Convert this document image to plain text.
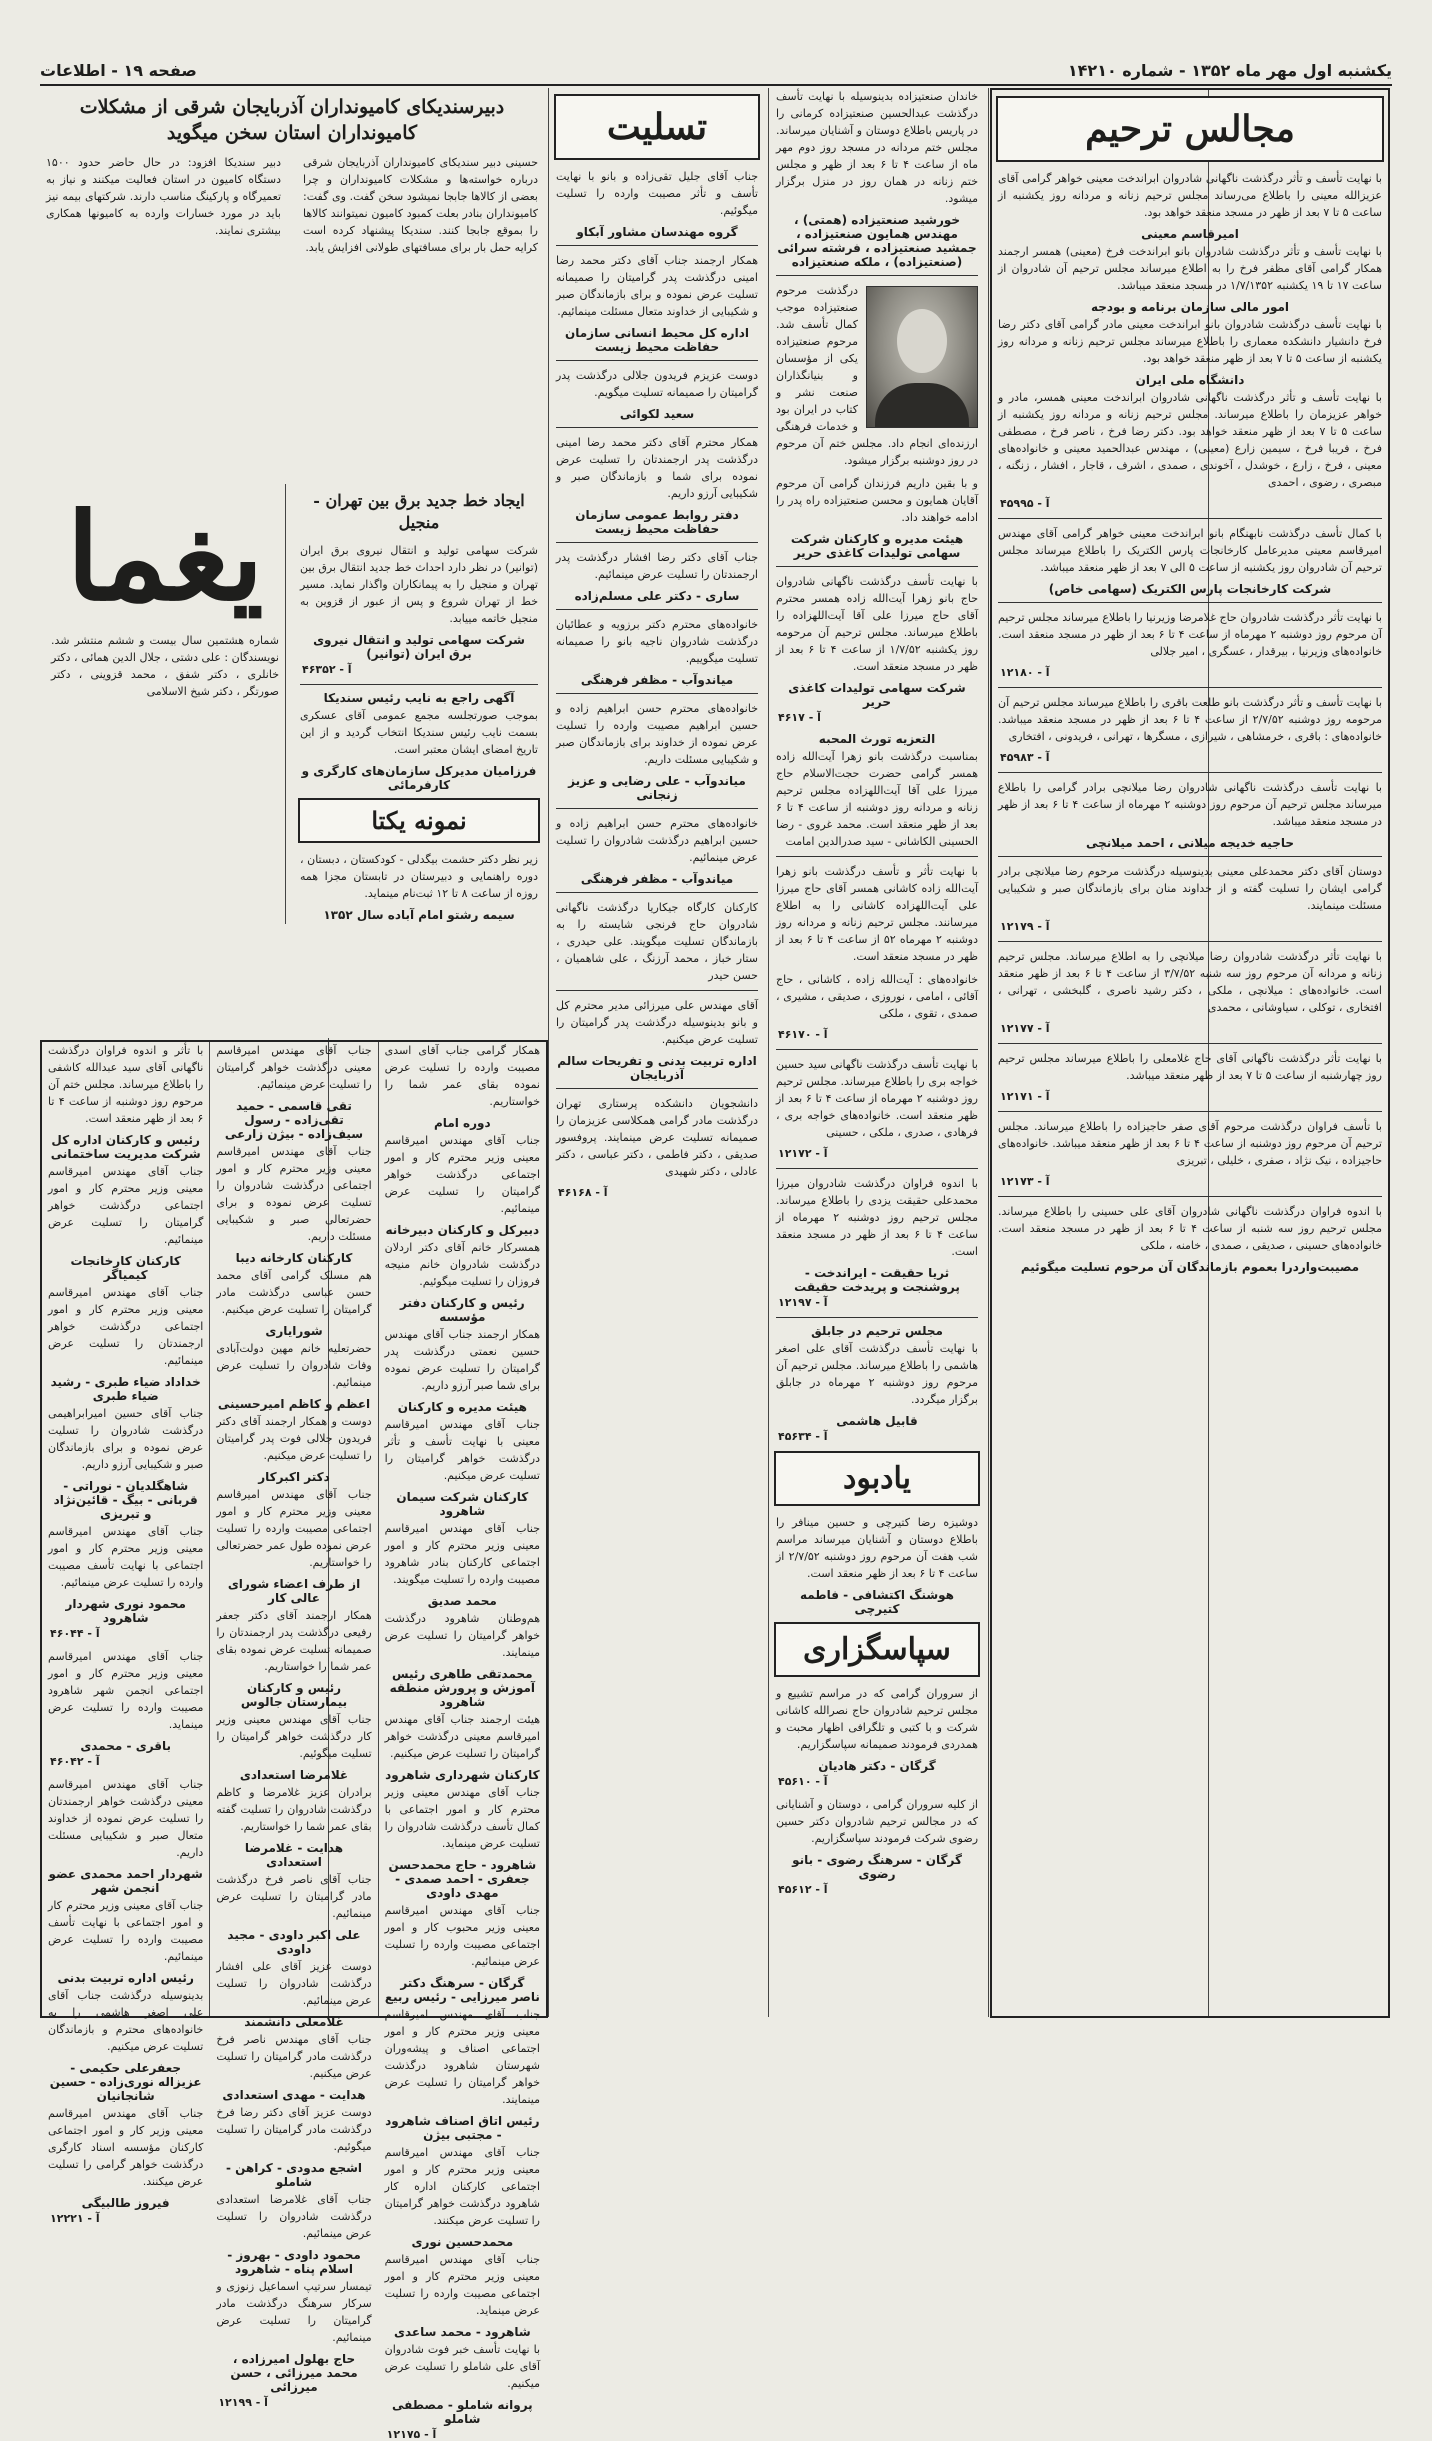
یکشنبه اول مهر ماه ۱۳۵۲ - شماره ۱۴۲۱۰
صفحه ۱۹ - اطلاعات
مجالس ترحیم

با نهایت تأسف و تأثر درگذشت ناگهانی شادروان ابراندخت معینی خواهر گرامی آقای عزیزالله معینی را باطلاع می‌رساند مجلس ترحیم زنانه و مردانه روز یکشنبه از ساعت ۵ تا ۷ بعد از ظهر در مسجد منعقد خواهد بود.

امیرقاسم معینی

با نهایت تأسف و تأثر درگذشت شادروان بانو ابراندخت فرخ (معینی) همسر ارجمند همکار گرامی آقای مظفر فرخ را به اطلاع میرساند مجلس ترحیم آن شادروان از ساعت ۱۷ تا ۱۹ یکشنبه ۱/۷/۱۳۵۲ در مسجد منعقد میباشد.

امور مالی سازمان برنامه و بودجه

با نهایت تأسف درگذشت شادروان بانو ابراندخت معینی مادر گرامی آقای دکتر رضا فرخ دانشیار دانشکده معماری را باطلاع میرساند مجلس ترحیم زنانه و مردانه روز یکشنبه از ساعت ۵ تا ۷ بعد از ظهر منعقد خواهد بود.

دانشگاه ملی ایران

با نهایت تأسف و تأثر درگذشت ناگهانی شادروان ابراندخت معینی همسر، مادر و خواهر عزیزمان را باطلاع میرساند. مجلس ترحیم زنانه و مردانه روز یکشنبه از ساعت ۵ تا ۷ بعد از ظهر منعقد خواهد بود. دکتر رضا فرخ ، ناصر فرخ ، مصطفی فرخ ، فریبا فرخ ، سیمین زارع (معینی) ، مهندس عبدالحمید معینی و خانواده‌های معینی ، فرخ ، زارع ، خوشدل ، آخوندی ، صمدی ، اشرف ، قاجار ، افشار ، زنگنه ، مبصری ، رضوی ، احمدی

آ - ۴۵۹۹۵

با کمال تأسف درگذشت نابهنگام بانو ابراندخت معینی خواهر گرامی آقای مهندس امیرقاسم معینی مدیرعامل کارخانجات پارس الکتریک را باطلاع میرساند مجلس ترحیم آن شادروان روز یکشنبه از ساعت ۵ الی ۷ بعد از ظهر منعقد میباشد.

شرکت کارخانجات پارس الکتریک (سهامی خاص)

با نهایت تأثر درگذشت شادروان حاج غلامرضا وزیرنیا را باطلاع میرساند مجلس ترحیم آن مرحوم روز دوشنبه ۲ مهرماه از ساعت ۴ تا ۶ بعد از ظهر در مسجد منعقد است. خانواده‌های وزیرنیا ، بیرقدار ، عسگری ، امیر جلالی

آ - ۱۲۱۸۰

با نهایت تأسف و تأثر درگذشت بانو طلعت باقری را باطلاع میرساند مجلس ترحیم آن مرحومه روز دوشنبه ۲/۷/۵۲ از ساعت ۴ تا ۶ بعد از ظهر در مسجد منعقد میباشد. خانواده‌های : باقری ، خرمشاهی ، شیرازی ، مسگرها ، تهرانی ، فریدونی ، افتخاری

آ - ۴۵۹۸۳

با نهایت تأسف درگذشت ناگهانی شادروان رضا میلانچی برادر گرامی را باطلاع میرساند مجلس ترحیم آن مرحوم روز دوشنبه ۲ مهرماه از ساعت ۴ تا ۶ بعد از ظهر در مسجد منعقد میباشد.

حاجیه خدیجه میلانی ، احمد میلانچی

دوستان آقای دکتر محمدعلی معینی بدینوسیله درگذشت مرحوم رضا میلانچی برادر گرامی ایشان را تسلیت گفته و از خداوند منان برای بازماندگان صبر و شکیبایی مسئلت مینمایند.

آ - ۱۲۱۷۹

با نهایت تأثر درگذشت شادروان رضا میلانچی را به اطلاع میرساند. مجلس ترحیم زنانه و مردانه آن مرحوم روز سه شنبه ۳/۷/۵۲ از ساعت ۴ تا ۶ بعد از ظهر منعقد است. خانواده‌های : میلانچی ، ملکی ، دکتر رشید ناصری ، گلبخشی ، تهرانی ، افتخاری ، توکلی ، سیاوشانی ، محمدی

آ - ۱۲۱۷۷

با نهایت تأثر درگذشت ناگهانی آقای حاج غلامعلی را باطلاع میرساند مجلس ترحیم روز چهارشنبه از ساعت ۵ تا ۷ بعد از ظهر منعقد میباشد.

آ - ۱۲۱۷۱

با تأسف فراوان درگذشت مرحوم آقای صفر حاجیزاده را باطلاع میرساند. مجلس ترحیم آن مرحوم روز دوشنبه از ساعت ۴ تا ۶ بعد از ظهر منعقد میباشد. خانواده‌های حاجیزاده ، نیک نژاد ، صفری ، خلیلی ، تبریزی

آ - ۱۲۱۷۳

با اندوه فراوان درگذشت ناگهانی شادروان آقای علی حسینی را باطلاع میرساند. مجلس ترحیم روز سه شنبه از ساعت ۴ تا ۶ بعد از ظهر در مسجد منعقد است. خانواده‌های حسینی ، صدیقی ، صمدی ، خامنه ، ملکی

مصیبت‌واردرا بعموم بازماندگان آن مرحوم تسلیت میگوئیم

خاندان صنعتیزاده بدینوسیله با نهایت تأسف درگذشت عبدالحسین صنعتیزاده کرمانی را در پاریس باطلاع دوستان و آشنایان میرساند. مجلس ختم مردانه در مسجد روز دوم مهر ماه از ساعت ۴ تا ۶ بعد از ظهر و مجلس ختم زنانه در همان روز در منزل برگزار میشود.

خورشید صنعتیزاده (همتی) ، مهندس همایون صنعتیزاده ، جمشید صنعتیزاده ، فرشته سرائی (صنعتیزاده) ، ملکه صنعتیزاده

درگذشت مرحوم صنعتیزاده موجب کمال تأسف شد. مرحوم صنعتیزاده یکی از مؤسسان و بنیانگذاران صنعت نشر و کتاب در ایران بود و خدمات فرهنگی ارزنده‌ای انجام داد. مجلس ختم آن مرحوم در روز دوشنبه برگزار میشود.

و با بقین داریم فرزندان گرامی آن مرحوم آقایان همایون و محسن صنعتیزاده راه پدر را ادامه خواهند داد.

هیئت مدیره و کارکنان شرکت سهامی تولیدات کاغذی حریر

با نهایت تأسف درگذشت ناگهانی شادروان حاج بانو زهرا آیت‌الله زاده همسر محترم آقای حاج میرزا علی آقا آیت‌اللهزاده را باطلاع میرساند. مجلس ترحیم آن مرحومه روز یکشنبه ۱/۷/۵۲ از ساعت ۴ تا ۶ بعد از ظهر در مسجد منعقد است.

شرکت سهامی تولیدات کاغذی حریر

آ - ۴۶۱۷

التعزیه تورث المحبه

بمناسبت درگذشت بانو زهرا آیت‌الله زاده همسر گرامی حضرت حجت‌الاسلام حاج میرزا علی آقا آیت‌اللهزاده مجلس ترحیم زنانه و مردانه روز دوشنبه از ساعت ۴ تا ۶ بعد از ظهر منعقد است. محمد غروی - رضا الحسینی الکاشانی - سید صدرالدین امامت

با نهایت تأثر و تأسف درگذشت بانو زهرا آیت‌الله زاده کاشانی همسر آقای حاج میرزا علی آیت‌اللهزاده کاشانی را به اطلاع میرسانند. مجلس ترحیم زنانه و مردانه روز دوشنبه ۲ مهرماه ۵۲ از ساعت ۴ تا ۶ بعد از ظهر در مسجد منعقد است.

خانواده‌های : آیت‌الله زاده ، کاشانی ، حاج آقائی ، امامی ، نوروزی ، صدیقی ، مشیری ، صمدی ، تقوی ، ملکی

آ - ۴۶۱۷۰

با نهایت تأسف درگذشت ناگهانی سید حسین خواجه بری را باطلاع میرساند. مجلس ترحیم روز دوشنبه ۲ مهرماه از ساعت ۴ تا ۶ بعد از ظهر منعقد است. خانواده‌های خواجه بری ، فرهادی ، صدری ، ملکی ، حسینی

آ - ۱۲۱۷۲

با اندوه فراوان درگذشت شادروان میرزا محمدعلی حقیقت یزدی را باطلاع میرساند. مجلس ترحیم روز دوشنبه ۲ مهرماه از ساعت ۴ تا ۶ بعد از ظهر در مسجد منعقد است.

ثریا حقیقت - ایراندخت - پروشنجت و پریدخت حقیقت

آ - ۱۲۱۹۷

مجلس ترحیم در جابلق

با نهایت تأسف درگذشت آقای علی اصغر هاشمی را باطلاع میرساند. مجلس ترحیم آن مرحوم روز دوشنبه ۲ مهرماه در جابلق برگزار میگردد.

قابیل هاشمی

آ - ۴۵۶۳۴

یادبود

دوشیزه رضا کتیرچی و حسین مینافر را باطلاع دوستان و آشنایان میرساند مراسم شب هفت آن مرحوم روز دوشنبه ۲/۷/۵۲ از ساعت ۴ تا ۶ بعد از ظهر منعقد است.

هوشنگ اکتشافی - فاطمه کتیرچی

سپاسگزاری

از سروران گرامی که در مراسم تشییع و مجلس ترحیم شادروان حاج نصرالله کاشانی شرکت و با کتبی و تلگرافی اظهار محبت و همدردی فرمودند صمیمانه سپاسگزاریم.

گرگان - دکتر هادیان

آ - ۴۵۶۱۰

از کلیه سروران گرامی ، دوستان و آشنایانی که در مجالس ترحیم شادروان دکتر حسین رضوی شرکت فرمودند سپاسگزاریم.

گرگان - سرهنگ رضوی - بانو رضوی

آ - ۴۵۶۱۲

تسلیت

جناب آقای جلیل تقی‌زاده و بانو با نهایت تأسف و تأثر مصیبت وارده را تسلیت میگوئیم.

گروه مهندسان مشاور آبکاو

همکار ارجمند جناب آقای دکتر محمد رضا امینی درگذشت پدر گرامیتان را صمیمانه تسلیت عرض نموده و برای بازماندگان صبر و شکیبایی از خداوند متعال مسئلت مینمائیم.

اداره کل محیط انسانی سازمان حفاظت محیط زیست

دوست عزیزم فریدون جلالی درگذشت پدر گرامیتان را صمیمانه تسلیت میگویم.

سعید لکوائی

همکار محترم آقای دکتر محمد رضا امینی درگذشت پدر ارجمندتان را تسلیت عرض نموده برای شما و بازماندگان صبر و شکیبایی آرزو داریم.

دفتر روابط عمومی سازمان حفاظت محیط زیست

جناب آقای دکتر رضا افشار درگذشت پدر ارجمندتان را تسلیت عرض مینمائیم.

ساری - دکتر علی مسلم‌زاده

خانواده‌های محترم دکتر برزویه و عطائیان درگذشت شادروان ناجیه بانو را صمیمانه تسلیت میگوییم.

میاندوآب - مظفر فرهنگی

خانواده‌های محترم حسن ابراهیم زاده و حسین ابراهیم مصیبت وارده را تسلیت عرض نموده از خداوند برای بازماندگان صبر و شکیبایی مسئلت داریم.

میاندوآب - علی رضایی و عزیز زنجانی

خانواده‌های محترم حسن ابراهیم زاده و حسین ابراهیم درگذشت شادروان را تسلیت عرض مینمائیم.

میاندوآب - مظفر فرهنگی

کارکنان کارگاه جیکاریا درگذشت ناگهانی شادروان حاج فرنجی شایسته را به بازماندگان تسلیت میگویند. علی حیدری ، ستار خباز ، محمد آرزنگ ، علی شاهمیان ، حسن حیدر

آقای مهندس علی میرزائی مدیر محترم کل و بانو بدینوسیله درگذشت پدر گرامیتان را تسلیت عرض میکنیم.

اداره تربیت بدنی و تفریحات سالم آذربایجان

دانشجویان دانشکده پرستاری تهران درگذشت مادر گرامی همکلاسی عزیزمان را صمیمانه تسلیت عرض مینمایند. پروفسور صدیقی ، دکتر فاطمی ، دکتر عباسی ، دکتر عادلی ، دکتر شهیدی

آ - ۴۶۱۶۸

دبیرسندیکای کامیونداران آذربایجان شرقی از مشکلات کامیونداران استان سخن میگوید

حسینی دبیر سندیکای کامیونداران آذربایجان شرقی درباره خواسته‌ها و مشکلات کامیونداران و چرا بعضی از کالاها جابجا نمیشود سخن گفت. وی گفت: کامیونداران بنادر بعلت کمبود کامیون نمیتوانند کالاها را بموقع جابجا کنند. سندیکا پیشنهاد کرده است کرایه حمل بار برای مسافتهای طولانی افزایش یابد.

دبیر سندیکا افزود: در حال حاضر حدود ۱۵۰۰ دستگاه کامیون در استان فعالیت میکنند و نیاز به تعمیرگاه و پارکینگ مناسب دارند. شرکتهای بیمه نیز باید در مورد خسارات وارده به کامیونها همکاری بیشتری نمایند.

ایجاد خط جدید برق بین تهران - منجیل

شرکت سهامی تولید و انتقال نیروی برق ایران (توانیر) در نظر دارد احداث خط جدید انتقال برق بین تهران و منجیل را به پیمانکاران واگذار نماید. مسیر خط از تهران شروع و پس از عبور از قزوین به منجیل خاتمه مییابد.

شرکت سهامی تولید و انتقال نیروی برق ایران (توانیر)

آ - ۴۶۳۵۲

آگهی راجع به نایب رئیس سندیکا

بموجب صورتجلسه مجمع عمومی آقای عسکری بسمت نایب رئیس سندیکا انتخاب گردید و از این تاریخ امضای ایشان معتبر است.

فرزامیان مدیرکل سازمان‌های کارگری و کارفرمائی

نمونه یکتا

زیر نظر دکتر حشمت بیگدلی - کودکستان ، دبستان ، دوره راهنمایی و دبیرستان در تابستان مجزا همه روزه از ساعت ۸ تا ۱۲ ثبت‌نام مینماید.

سیمه رشتو امام آباده سال ۱۳۵۲

یغما

شماره هشتمین سال بیست و ششم منتشر شد. نویسندگان : علی دشتی ، جلال الدین همائی ، دکتر خانلری ، دکتر شفق ، محمد قزوینی ، دکتر صورتگر ، دکتر شیخ الاسلامی

همکار گرامی جناب آقای اسدی مصیبت وارده را تسلیت عرض نموده بقای عمر شما را خواستاریم.

دوره امام

جناب آقای مهندس امیرقاسم معینی وزیر محترم کار و امور اجتماعی درگذشت خواهر گرامیتان را تسلیت عرض مینمائیم.

دبیرکل و کارکنان دبیرخانه

همسرکار خانم آقای دکتر اردلان درگذشت شادروان خانم منیجه فروزان را تسلیت میگوئیم.

رئیس و کارکنان دفتر مؤسسه

همکار ارجمند جناب آقای مهندس حسین نعمتی درگذشت پدر گرامیتان را تسلیت عرض نموده برای شما صبر آرزو داریم.

هیئت مدیره و کارکنان

جناب آقای مهندس امیرقاسم معینی با نهایت تأسف و تأثر درگذشت خواهر گرامیتان را تسلیت عرض میکنیم.

کارکنان شرکت سیمان شاهرود

جناب آقای مهندس امیرقاسم معینی وزیر محترم کار و امور اجتماعی کارکنان بنادر شاهرود مصیبت وارده را تسلیت میگویند.

محمد صدیق

هم‌وطنان شاهرود درگذشت خواهر گرامیتان را تسلیت عرض مینمایند.

محمدتقی طاهری رئیس آموزش و پرورش منطقه شاهرود

هیئت ارجمند جناب آقای مهندس امیرقاسم معینی درگذشت خواهر گرامیتان را تسلیت عرض میکنیم.

کارکنان شهرداری شاهرود

جناب آقای مهندس معینی وزیر محترم کار و امور اجتماعی با کمال تأسف درگذشت شادروان را تسلیت عرض مینماید.

شاهرود - حاج محمدحسن جعفری - احمد صمدی - مهدی داودی

جناب آقای مهندس امیرقاسم معینی وزیر محبوب کار و امور اجتماعی مصیبت وارده را تسلیت عرض مینمائیم.

گرگان - سرهنگ دکتر ناصر میرزایی - رئیس ربیع

جناب آقای مهندس امیرقاسم معینی وزیر محترم کار و امور اجتماعی اصناف و پیشه‌وران شهرستان شاهرود درگذشت خواهر گرامیتان را تسلیت عرض مینمایند.

رئیس اتاق اصناف شاهرود - مجتبی بیژن

جناب آقای مهندس امیرقاسم معینی وزیر محترم کار و امور اجتماعی کارکنان اداره کار شاهرود درگذشت خواهر گرامیتان را تسلیت عرض میکنند.

محمدحسین نوری

جناب آقای مهندس امیرقاسم معینی وزیر محترم کار و امور اجتماعی مصیبت وارده را تسلیت عرض مینماید.

شاهرود - محمد ساعدی

با نهایت تأسف خبر فوت شادروان آقای علی شاملو را تسلیت عرض میکنیم.

پروانه شاملو - مصطفی شاملو

آ - ۱۲۱۷۵

جناب آقای مهندس امیرقاسم معینی درگذشت خواهر گرامیتان را تسلیت عرض مینمائیم.

تقی قاسمی - حمید تقی‌زاده - رسول سیف‌زاده - بیژن زارعی

جناب آقای مهندس امیرقاسم معینی وزیر محترم کار و امور اجتماعی درگذشت شادروان را تسلیت عرض نموده و برای حضرتعالی صبر و شکیبایی مسئلت داریم.

کارکنان کارخانه دیبا

هم مسلک گرامی آقای محمد حسن عباسی درگذشت مادر گرامیتان را تسلیت عرض میکنیم.

شورایاری

حضرتعلیه خانم مهین دولت‌آبادی وفات شادروان را تسلیت عرض مینمائیم.

اعظم و کاظم امیرحسینی

دوست و همکار ارجمند آقای دکتر فریدون جلالی فوت پدر گرامیتان را تسلیت عرض میکنیم.

دکتر اکبرکار

جناب آقای مهندس امیرقاسم معینی وزیر محترم کار و امور اجتماعی مصیبت وارده را تسلیت عرض نموده طول عمر حضرتعالی را خواستاریم.

از طرف اعضاء شورای عالی کار

همکار ارجمند آقای دکتر جعفر رفیعی درگذشت پدر ارجمندتان را صمیمانه تسلیت عرض نموده بقای عمر شما را خواستاریم.

رئیس و کارکنان بیمارستان جالوس

جناب آقای مهندس معینی وزیر کار درگذشت خواهر گرامیتان را تسلیت میگوئیم.

غلامرضا استعدادی

برادران عزیز غلامرضا و کاظم درگذشت شادروان را تسلیت گفته بقای عمر شما را خواستاریم.

هدایت - غلامرضا استعدادی

جناب آقای ناصر فرخ درگذشت مادر گرامیتان را تسلیت عرض مینمائیم.

علی اکبر داودی - مجید داودی

دوست عزیز آقای علی افشار درگذشت شادروان را تسلیت عرض مینمائیم.

غلامعلی دانشمند

جناب آقای مهندس ناصر فرخ درگذشت مادر گرامیتان را تسلیت عرض میکنیم.

هدایت - مهدی استعدادی

دوست عزیز آقای دکتر رضا فرخ درگذشت مادر گرامیتان را تسلیت میگوئیم.

اشجع مدودی - کراهن - شاملو

جناب آقای غلامرضا استعدادی درگذشت شادروان را تسلیت عرض مینمائیم.

محمود داودی - بهروز - اسلام پناه - شاهرود

تیمسار سرتیپ اسماعیل زنوزی و سرکار سرهنگ درگذشت مادر گرامیتان را تسلیت عرض مینمائیم.

حاج بهلول امیرزاده ، محمد میرزائی ، حسن میرزائی

آ - ۱۲۱۹۹

با تأثر و اندوه فراوان درگذشت ناگهانی آقای سید عبدالله کاشفی را باطلاع میرساند. مجلس ختم آن مرحوم روز دوشنبه از ساعت ۴ تا ۶ بعد از ظهر منعقد است.

رئیس و کارکنان اداره کل شرکت مدیریت ساختمانی

جناب آقای مهندس امیرقاسم معینی وزیر محترم کار و امور اجتماعی درگذشت خواهر گرامیتان را تسلیت عرض مینمائیم.

کارکنان کارخانجات کیمیاگر

جناب آقای مهندس امیرقاسم معینی وزیر محترم کار و امور اجتماعی درگذشت خواهر ارجمندتان را تسلیت عرض مینمائیم.

خداداد ضیاء طبری - رشید ضیاء طبری

جناب آقای حسین امیرابراهیمی درگذشت شادروان را تسلیت عرض نموده و برای بازماندگان صبر و شکیبایی آرزو داریم.

شاهگلدیان - نوراتی - قربانی - بیگ - قائین‌نژاد و تبریزی

جناب آقای مهندس امیرقاسم معینی وزیر محترم کار و امور اجتماعی با نهایت تأسف مصیبت وارده را تسلیت عرض مینمائیم.

محمود نوری شهردار شاهرود

آ - ۴۶۰۴۴

جناب آقای مهندس امیرقاسم معینی وزیر محترم کار و امور اجتماعی انجمن شهر شاهرود مصیبت وارده را تسلیت عرض مینماید.

باقری - محمدی

آ - ۴۶۰۴۲

جناب آقای مهندس امیرقاسم معینی درگذشت خواهر ارجمندتان را تسلیت عرض نموده از خداوند متعال صبر و شکیبایی مسئلت داریم.

شهردار احمد محمدی عضو انجمن شهر

جناب آقای معینی وزیر محترم کار و امور اجتماعی با نهایت تأسف مصیبت وارده را تسلیت عرض مینمائیم.

رئیس اداره تربیت بدنی

بدینوسیله درگذشت جناب آقای علی اصغر هاشمی را به خانواده‌های محترم و بازماندگان تسلیت عرض میکنیم.

جعفرعلی حکیمی - عزیزاله نوری‌زاده - حسین شانجانیان

جناب آقای مهندس امیرقاسم معینی وزیر کار و امور اجتماعی کارکنان مؤسسه اسناد کارگری درگذشت خواهر گرامی را تسلیت عرض میکنند.

فیروز طالبیگی

آ - ۱۲۲۲۱
